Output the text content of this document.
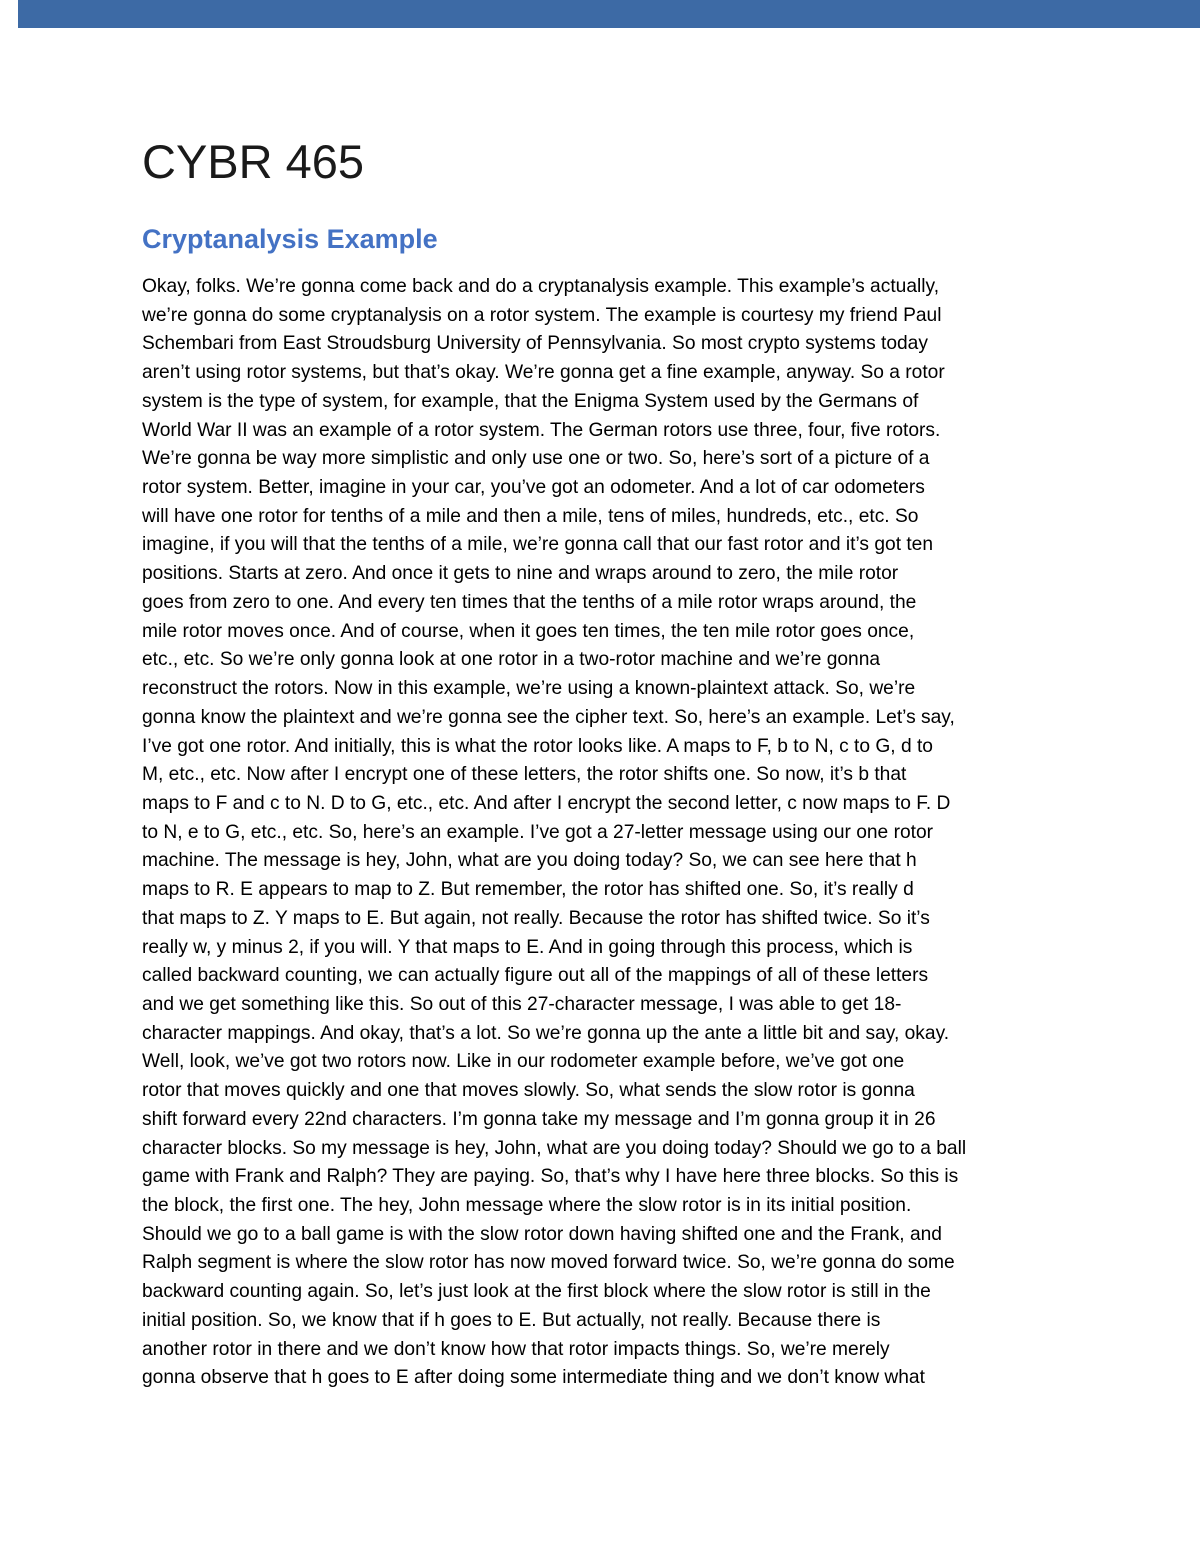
CYBR 465
Cryptanalysis Example

Okay, folks. We’re gonna come back and do a cryptanalysis example. This example’s actually,
we’re gonna do some cryptanalysis on a rotor system. The example is courtesy my friend Paul
Schembari from East Stroudsburg University of Pennsylvania. So most crypto systems today
aren’t using rotor systems, but that’s okay. We’re gonna get a fine example, anyway. So a rotor
system is the type of system, for example, that the Enigma System used by the Germans of
World War II was an example of a rotor system. The German rotors use three, four, five rotors.
We’re gonna be way more simplistic and only use one or two. So, here’s sort of a picture of a
rotor system. Better, imagine in your car, you’ve got an odometer. And a lot of car odometers
will have one rotor for tenths of a mile and then a mile, tens of miles, hundreds, etc., etc. So
imagine, if you will that the tenths of a mile, we’re gonna call that our fast rotor and it’s got ten
positions. Starts at zero. And once it gets to nine and wraps around to zero, the mile rotor
goes from zero to one. And every ten times that the tenths of a mile rotor wraps around, the
mile rotor moves once. And of course, when it goes ten times, the ten mile rotor goes once,
etc., etc. So we’re only gonna look at one rotor in a two-rotor machine and we’re gonna
reconstruct the rotors. Now in this example, we’re using a known-plaintext attack. So, we’re
gonna know the plaintext and we’re gonna see the cipher text. So, here’s an example. Let’s say,
I’ve got one rotor. And initially, this is what the rotor looks like. A maps to F, b to N, c to G, d to
M, etc., etc. Now after I encrypt one of these letters, the rotor shifts one. So now, it’s b that
maps to F and c to N. D to G, etc., etc. And after I encrypt the second letter, c now maps to F. D
to N, e to G, etc., etc. So, here’s an example. I’ve got a 27-letter message using our one rotor
machine. The message is hey, John, what are you doing today? So, we can see here that h
maps to R. E appears to map to Z. But remember, the rotor has shifted one. So, it’s really d
that maps to Z. Y maps to E. But again, not really. Because the rotor has shifted twice. So it’s
really w, y minus 2, if you will. Y that maps to E. And in going through this process, which is
called backward counting, we can actually figure out all of the mappings of all of these letters
and we get something like this. So out of this 27-character message, I was able to get 18-
character mappings. And okay, that’s a lot. So we’re gonna up the ante a little bit and say, okay.
Well, look, we’ve got two rotors now. Like in our rodometer example before, we’ve got one
rotor that moves quickly and one that moves slowly. So, what sends the slow rotor is gonna
shift forward every 22nd characters. I’m gonna take my message and I’m gonna group it in 26
character blocks. So my message is hey, John, what are you doing today? Should we go to a ball
game with Frank and Ralph? They are paying. So, that’s why I have here three blocks. So this is
the block, the first one. The hey, John message where the slow rotor is in its initial position.
Should we go to a ball game is with the slow rotor down having shifted one and the Frank, and
Ralph segment is where the slow rotor has now moved forward twice. So, we’re gonna do some
backward counting again. So, let’s just look at the first block where the slow rotor is still in the
initial position. So, we know that if h goes to E. But actually, not really. Because there is
another rotor in there and we don’t know how that rotor impacts things. So, we’re merely
gonna observe that h goes to E after doing some intermediate thing and we don’t know what
